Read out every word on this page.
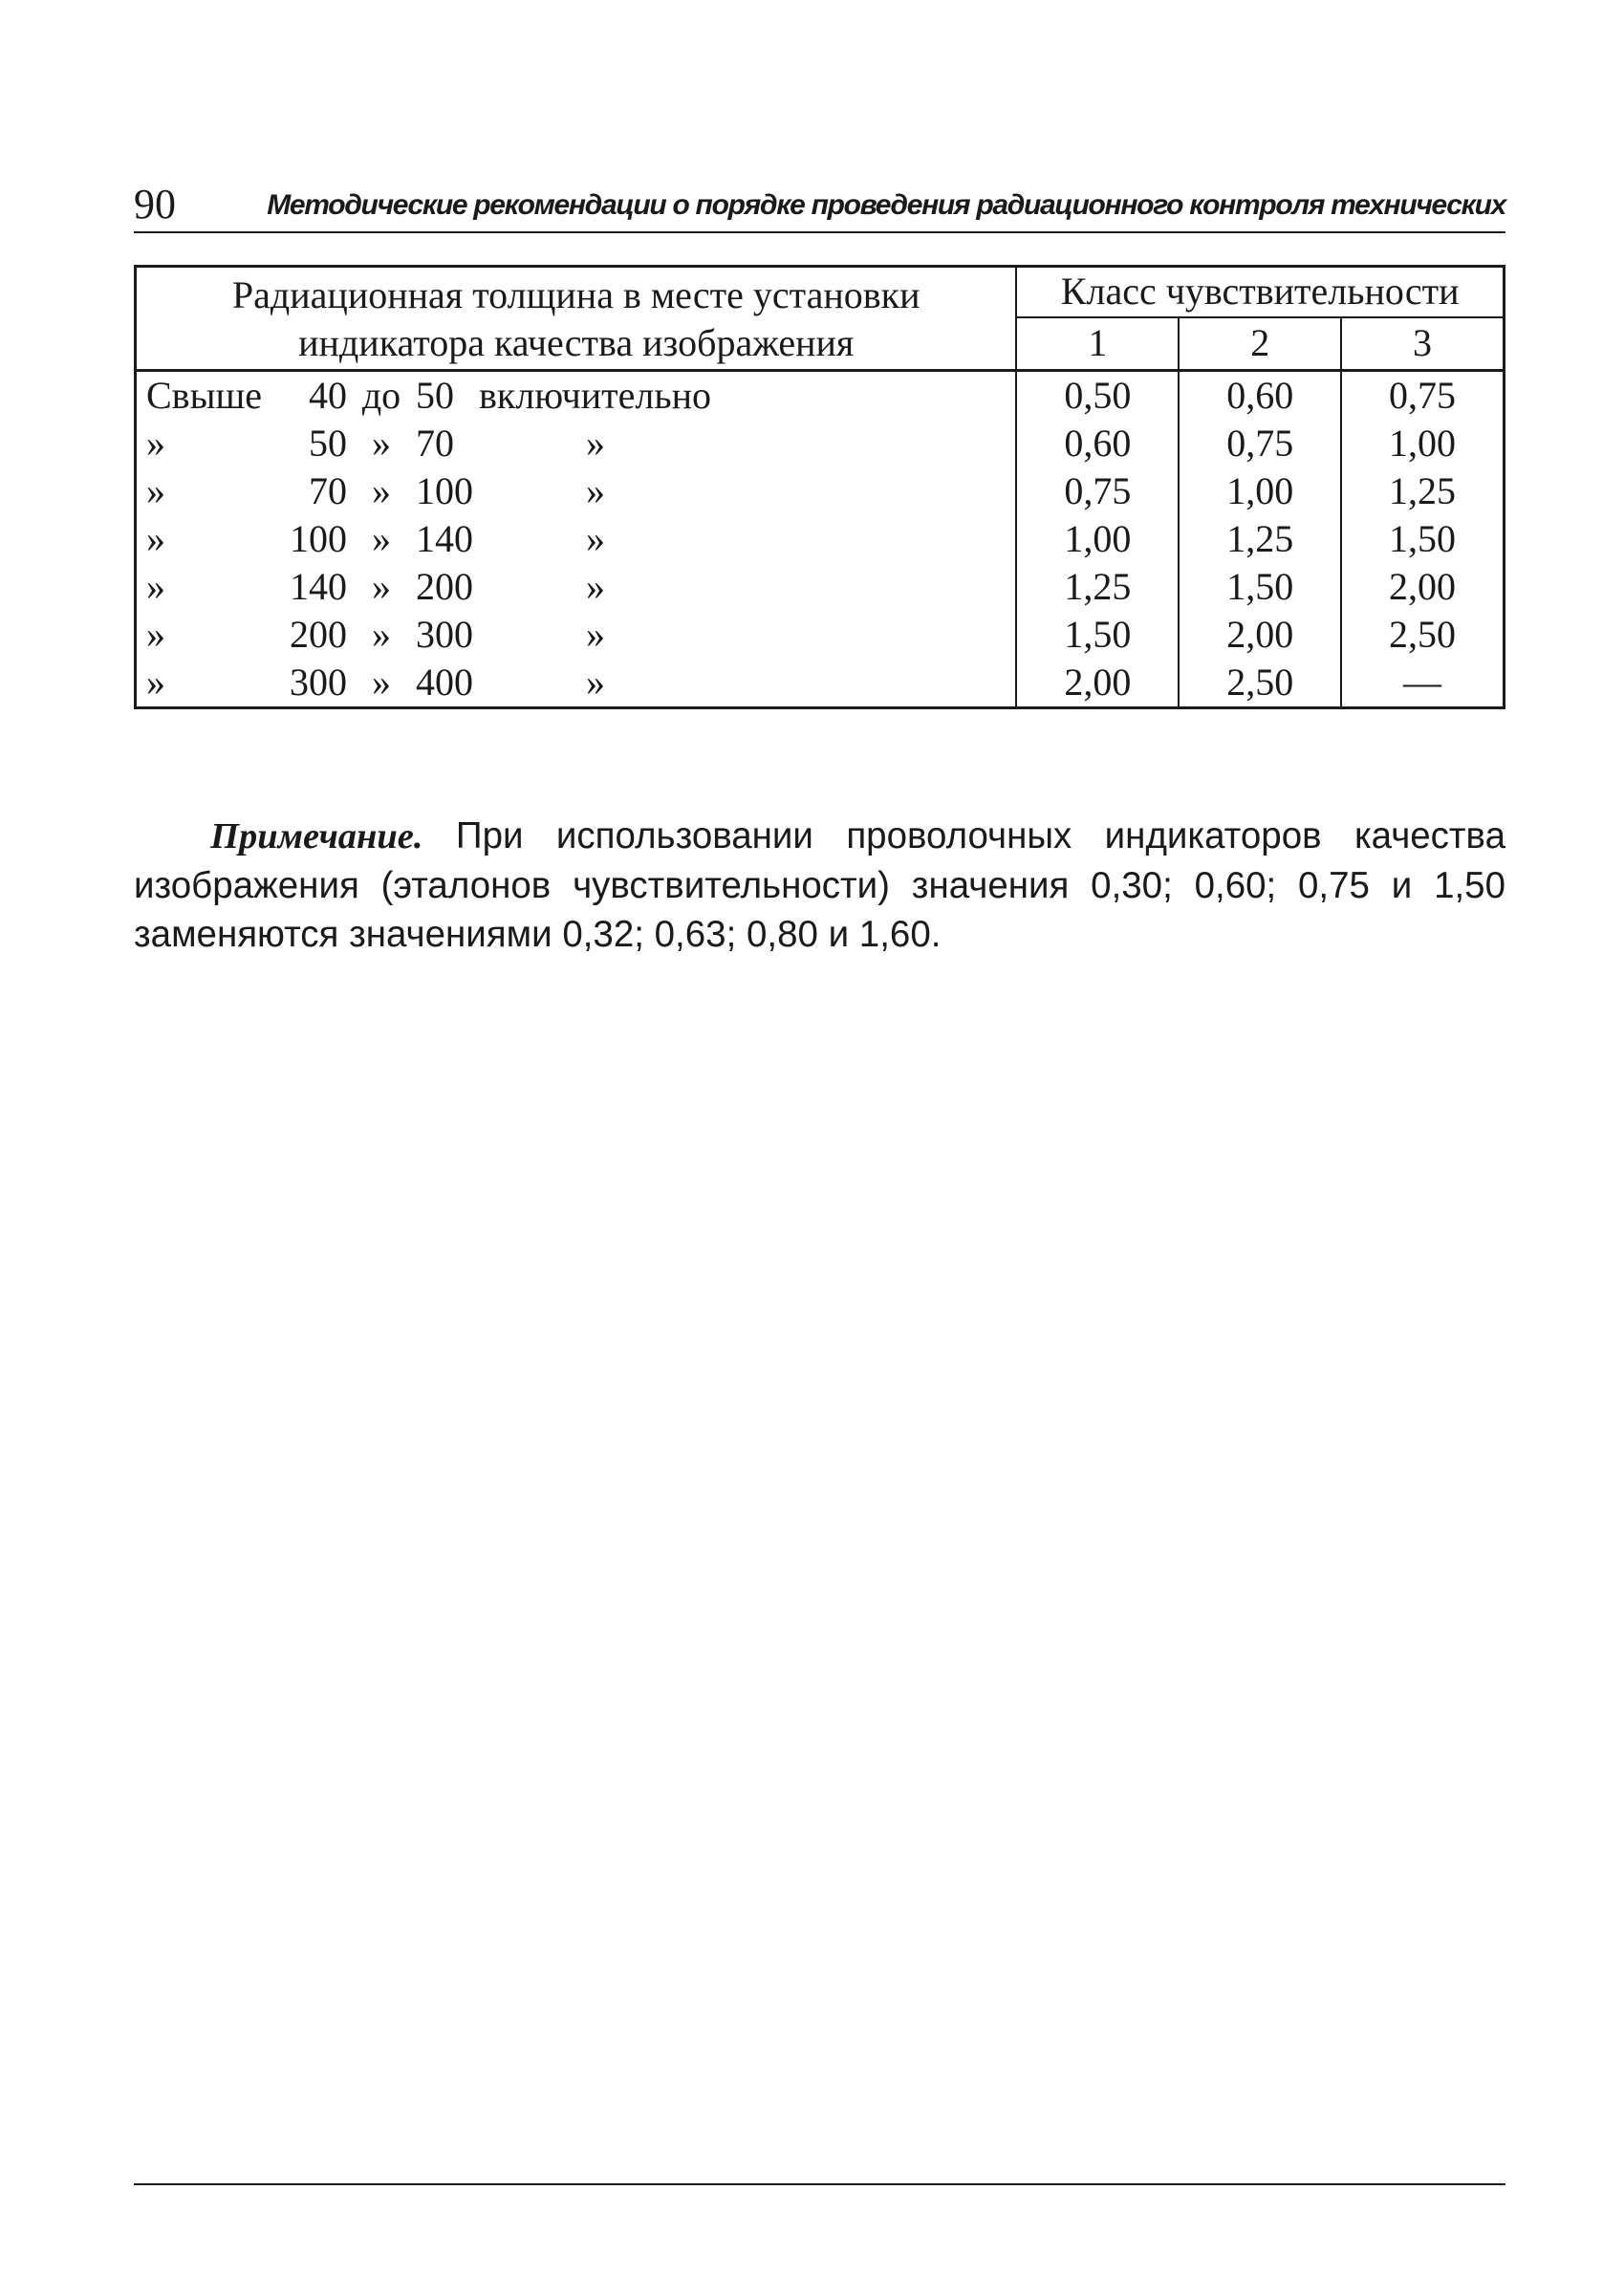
90	Методические рекомендации о порядке проведения радиационного контроля технических
Радиационная толщина в месте установки индикатора качества изображения	Класс чувствительности		
	1	2	3
Свыше 40 до 50 включительно	0,50	0,60	0,75
» 50 » 70 »	0,60	0,75	1,00
» 70 » 100 »	0,75	1,00	1,25
» 100 » 140 »	1,00	1,25	1,50
» 140 » 200 »	1,25	1,50	2,00
» 200 » 300 »	1,50	2,00	2,50
» 300 » 400 »	2,00	2,50	—

Примечание. При использовании проволочных индикаторов качества изображения (эталонов чувствительности) значения 0,30; 0,60; 0,75 и 1,50 заменяются значениями 0,32; 0,63; 0,80 и 1,60.
